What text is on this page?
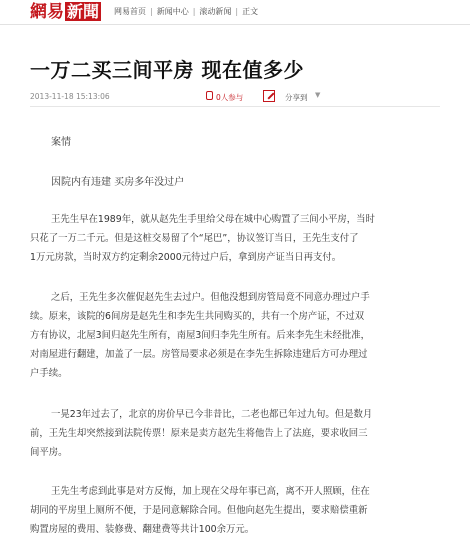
網易 新聞 网易首页 | 新闻中心 | 滚动新闻 | 正文
一万二买三间平房 现在值多少
2013-11-18 15:13:06	0人参与	分享到 ▼
案情
因院内有违建 买房多年没过户
王先生早在1989年，就从赵先生手里给父母在城中心购置了三间小平房，当时
只花了一万二千元。但是这桩交易留了个“尾巴”，协议签订当日，王先生支付了
1万元房款，当时双方约定剩余2000元待过户后，拿到房产证当日再支付。
之后，王先生多次催促赵先生去过户。但他没想到房管局竟不同意办理过户手
续。原来，该院的6间房是赵先生和李先生共同购买的，共有一个房产证，不过双
方有协议，北屋3间归赵先生所有，南屋3间归李先生所有。后来李先生未经批准，
对南屋进行翻建，加盖了一层。房管局要求必须是在李先生拆除违建后方可办理过
户手续。
一晃23年过去了，北京的房价早已今非昔比，二老也都已年过九旬。但是数月
前，王先生却突然接到法院传票！原来是卖方赵先生将他告上了法庭，要求收回三
间平房。
王先生考虑到此事是对方反悔，加上现在父母年事已高，离不开人照顾，住在
胡同的平房里上厕所不便，于是同意解除合同。但他向赵先生提出，要求赔偿重新
购置房屋的费用、装修费、翻建费等共计100余万元。
